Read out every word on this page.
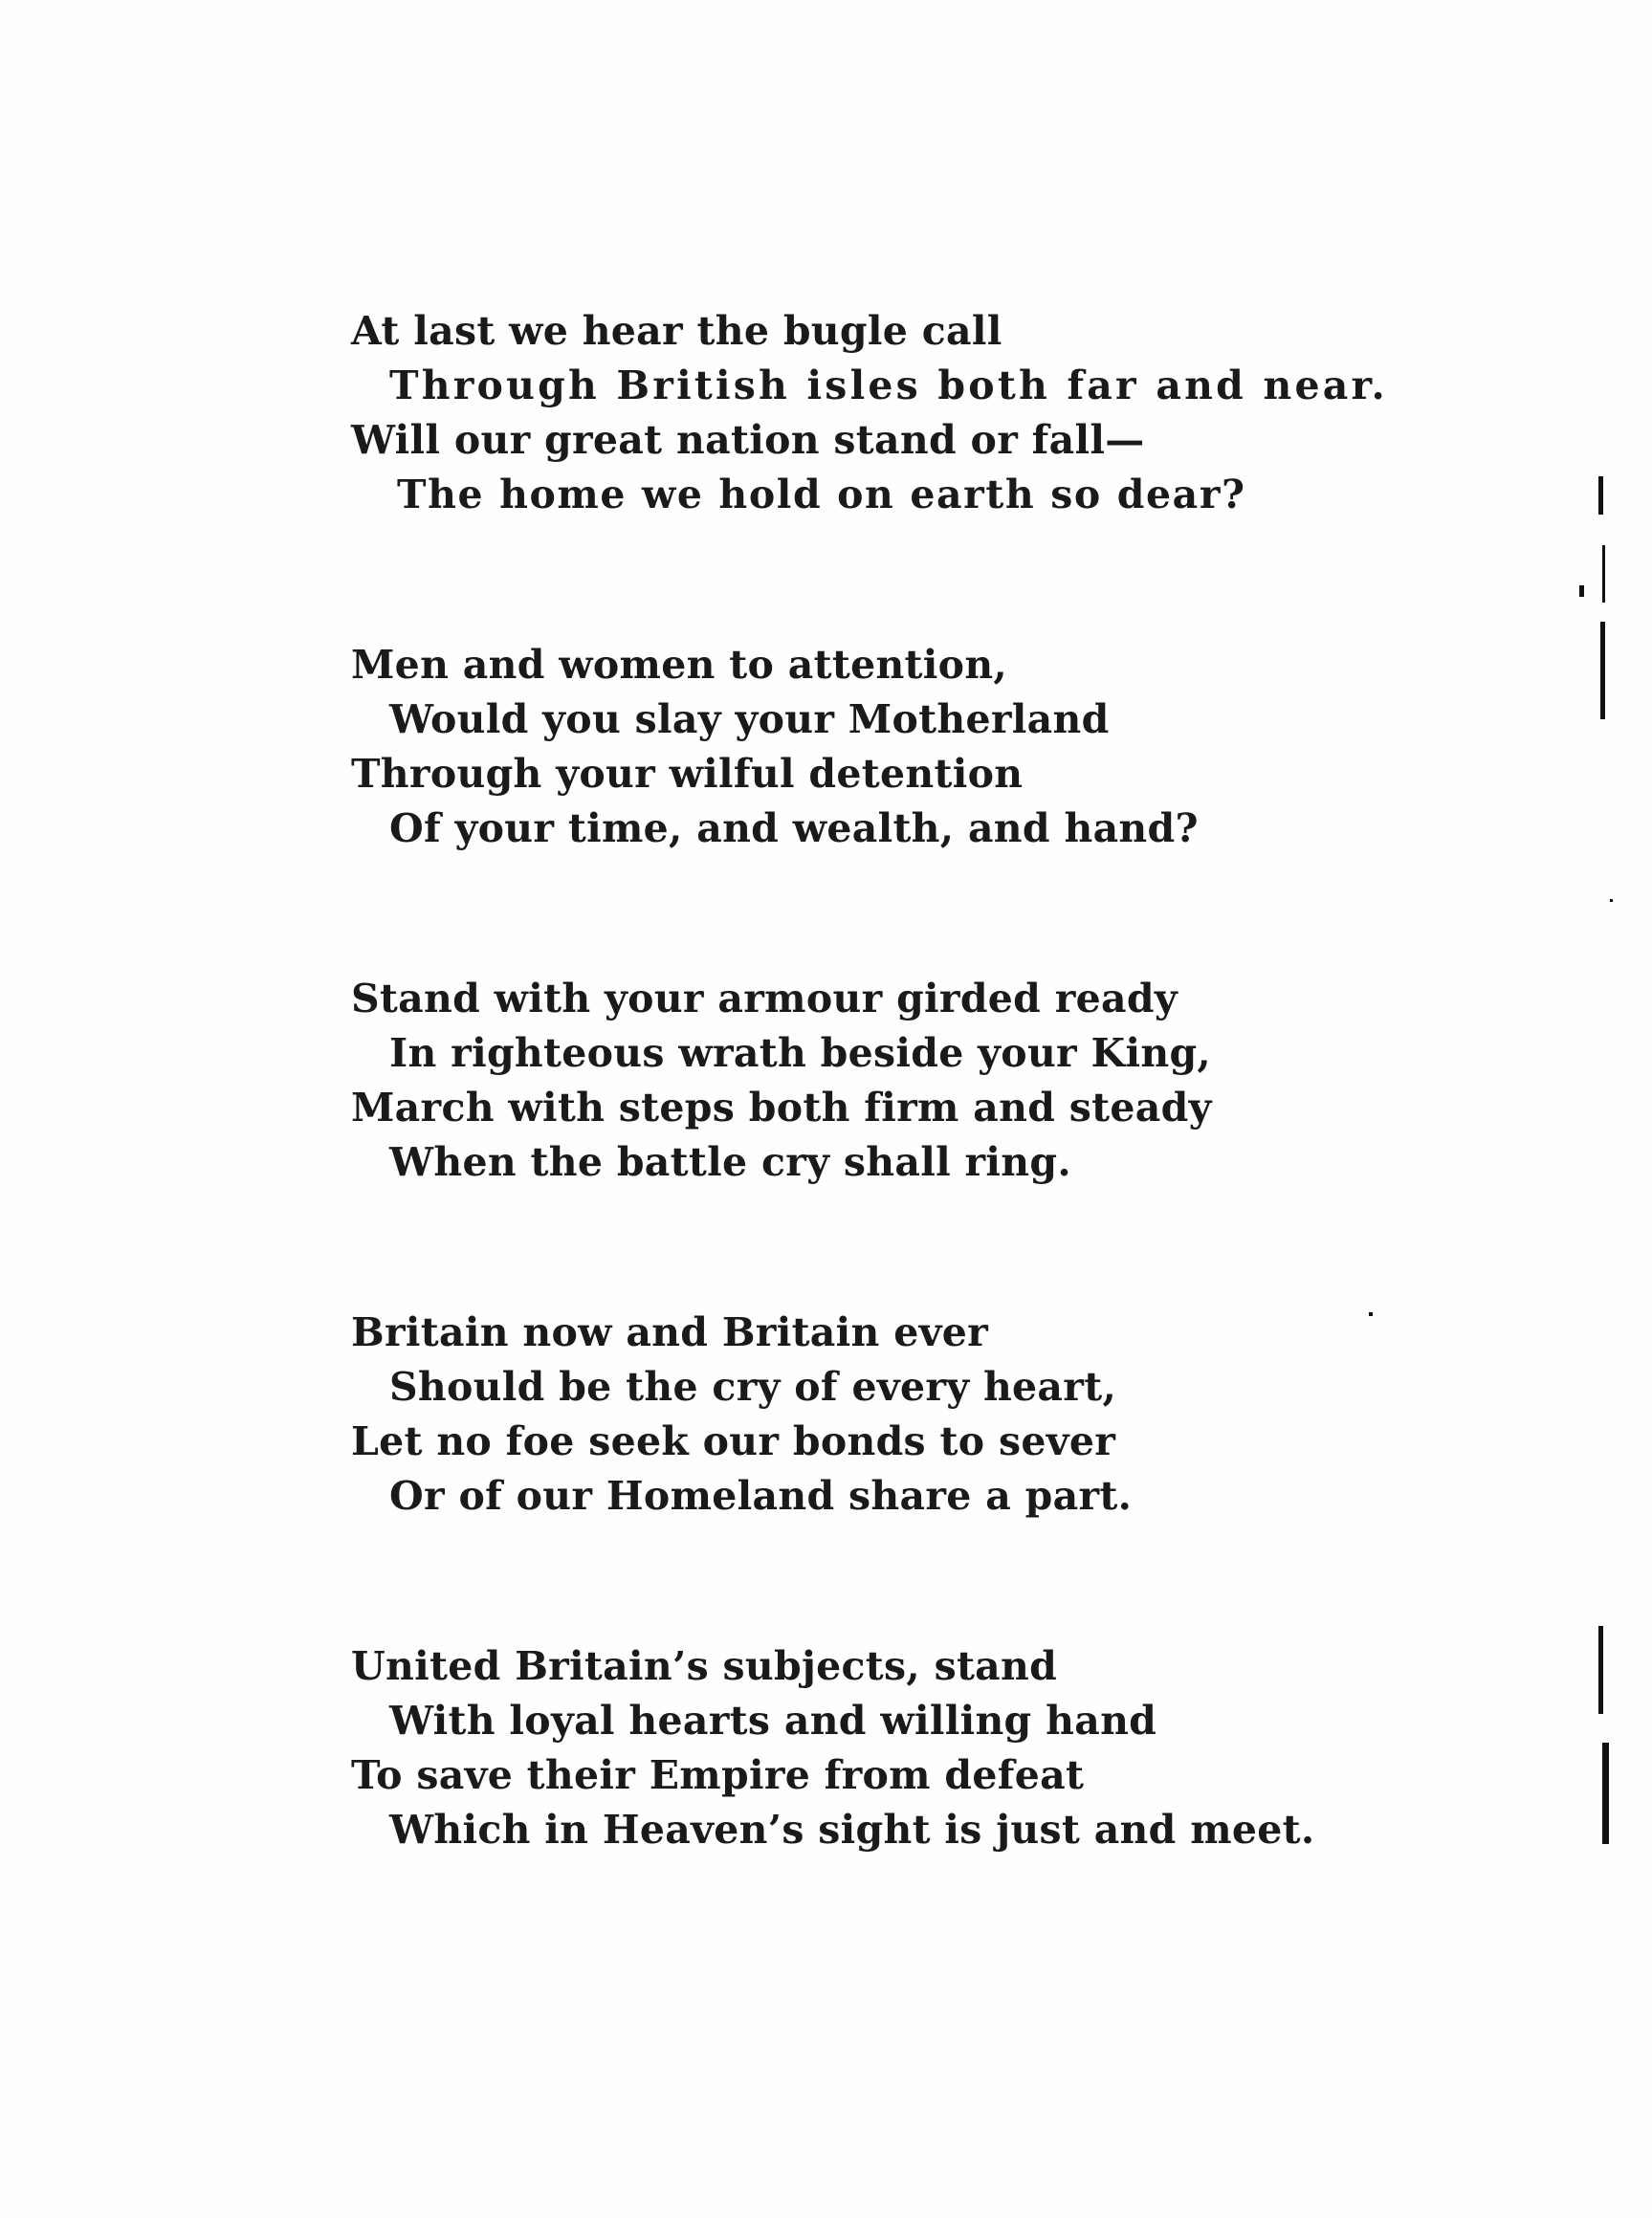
At last we hear the bugle call
Through British isles both far and near.
Will our great nation stand or fall—
The home we hold on earth so dear?
Men and women to attention,
Would you slay your Motherland
Through your wilful detention
Of your time, and wealth, and hand?
Stand with your armour girded ready
In righteous wrath beside your King,
March with steps both firm and steady
When the battle cry shall ring.
Britain now and Britain ever
Should be the cry of every heart,
Let no foe seek our bonds to sever
Or of our Homeland share a part.
United Britain’s subjects, stand
With loyal hearts and willing hand
To save their Empire from defeat
Which in Heaven’s sight is just and meet.
